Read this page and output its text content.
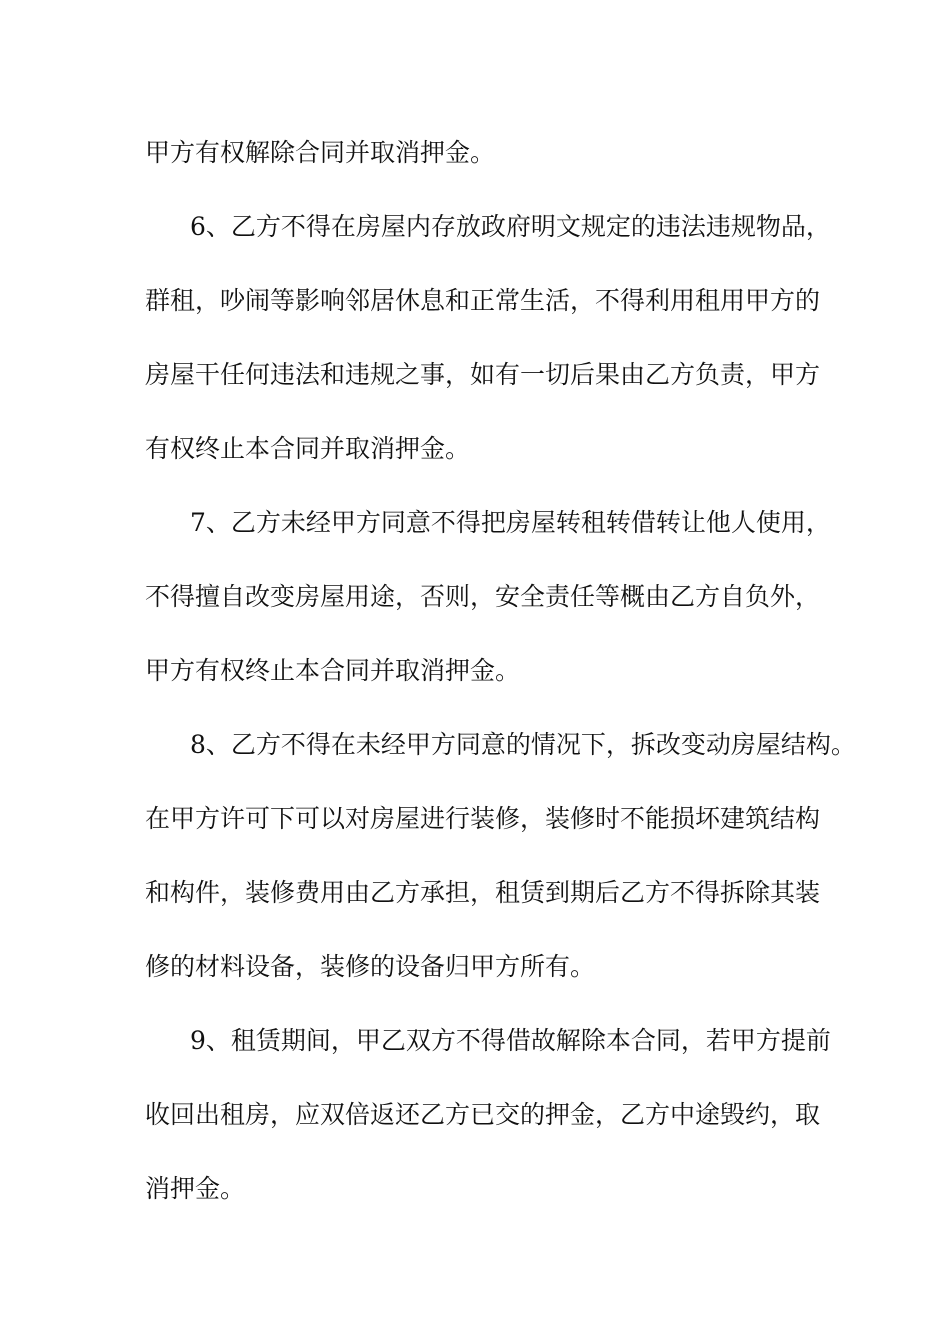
甲方有权解除合同并取消押金。
6、乙方不得在房屋内存放政府明文规定的违法违规物品，
群租，吵闹等影响邻居休息和正常生活，不得利用租用甲方的
房屋干任何违法和违规之事，如有一切后果由乙方负责，甲方
有权终止本合同并取消押金。
7、乙方未经甲方同意不得把房屋转租转借转让他人使用，
不得擅自改变房屋用途，否则，安全责任等概由乙方自负外，
甲方有权终止本合同并取消押金。
8、乙方不得在未经甲方同意的情况下，拆改变动房屋结构。
在甲方许可下可以对房屋进行装修，装修时不能损坏建筑结构
和构件，装修费用由乙方承担，租赁到期后乙方不得拆除其装
修的材料设备，装修的设备归甲方所有。
9、租赁期间，甲乙双方不得借故解除本合同，若甲方提前
收回出租房，应双倍返还乙方已交的押金，乙方中途毁约，取
消押金。
